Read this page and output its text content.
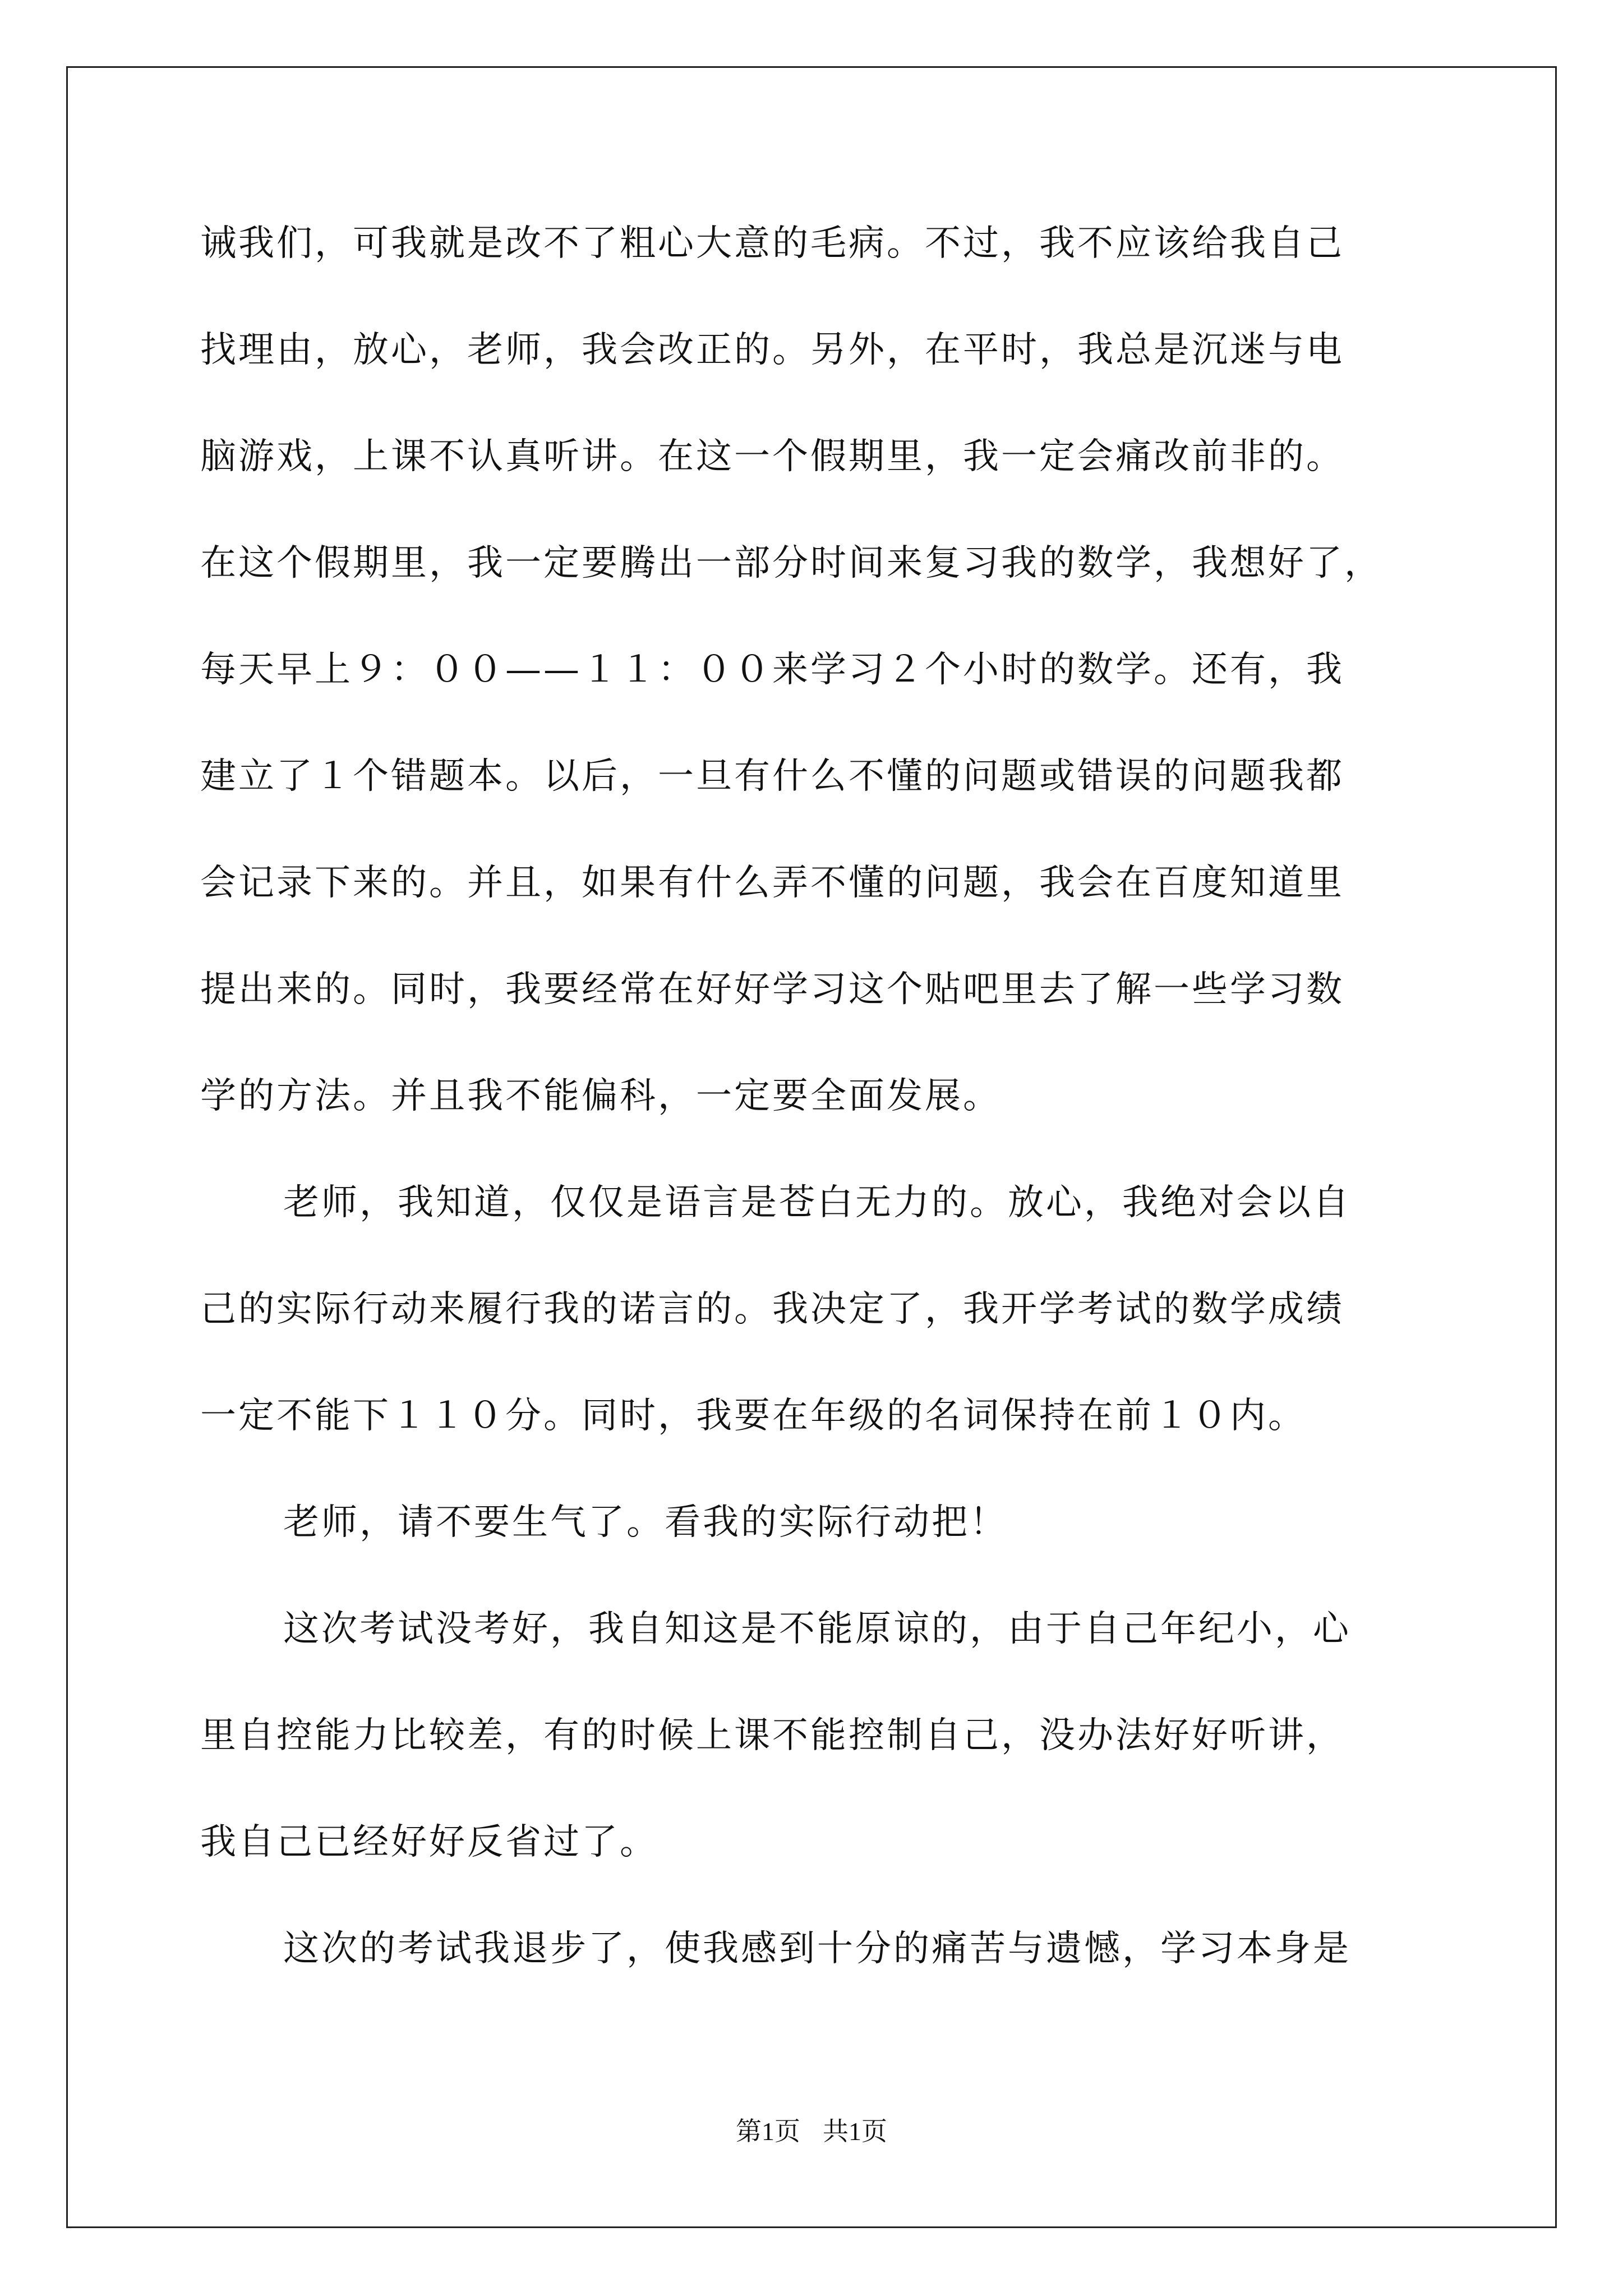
诫我们，可我就是改不了粗心大意的毛病。不过，我不应该给我自己
找理由，放心，老师，我会改正的。另外，在平时，我总是沉迷与电
脑游戏，上课不认真听讲。在这一个假期里，我一定会痛改前非的。
在这个假期里，我一定要腾出一部分时间来复习我的数学，我想好了，
每天早上９：００——１１：００来学习２个小时的数学。还有，我
建立了１个错题本。以后，一旦有什么不懂的问题或错误的问题我都
会记录下来的。并且，如果有什么弄不懂的问题，我会在百度知道里
提出来的。同时，我要经常在好好学习这个贴吧里去了解一些学习数
学的方法。并且我不能偏科，一定要全面发展。
老师，我知道，仅仅是语言是苍白无力的。放心，我绝对会以自
己的实际行动来履行我的诺言的。我决定了，我开学考试的数学成绩
一定不能下１１０分。同时，我要在年级的名词保持在前１０内。
老师，请不要生气了。看我的实际行动把！
这次考试没考好，我自知这是不能原谅的，由于自己年纪小，心
里自控能力比较差，有的时候上课不能控制自己，没办法好好听讲，
我自己已经好好反省过了。
这次的考试我退步了，使我感到十分的痛苦与遗憾，学习本身是
第1页 共1页
